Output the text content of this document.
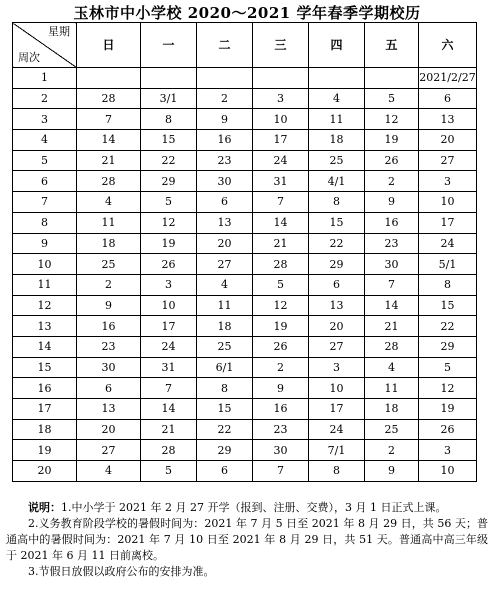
玉林市中小学校 2020～2021 学年春季学期校历
星期
周次	日	一	二	三	四	五	六
1							2021/2/27
2	28	3/1	2	3	4	5	6
3	7	8	9	10	11	12	13
4	14	15	16	17	18	19	20
5	21	22	23	24	25	26	27
6	28	29	30	31	4/1	2	3
7	4	5	6	7	8	9	10
8	11	12	13	14	15	16	17
9	18	19	20	21	22	23	24
10	25	26	27	28	29	30	5/1
11	2	3	4	5	6	7	8
12	9	10	11	12	13	14	15
13	16	17	18	19	20	21	22
14	23	24	25	26	27	28	29
15	30	31	6/1	2	3	4	5
16	6	7	8	9	10	11	12
17	13	14	15	16	17	18	19
18	20	21	22	23	24	25	26
19	27	28	29	30	7/1	2	3
20	4	5	6	7	8	9	10

说明：1.中小学于 2021 年 2 月 27 开学（报到、注册、交费），3 月 1 日正式上课。

2.义务教育阶段学校的暑假时间为：2021 年 7 月 5 日至 2021 年 8 月 29 日，共 56 天；普通高中的暑假时间为：2021 年 7 月 10 日至 2021 年 8 月 29 日，共 51 天。普通高中高三年级于 2021 年 6 月 11 日前离校。

3.节假日放假以政府公布的安排为准。
